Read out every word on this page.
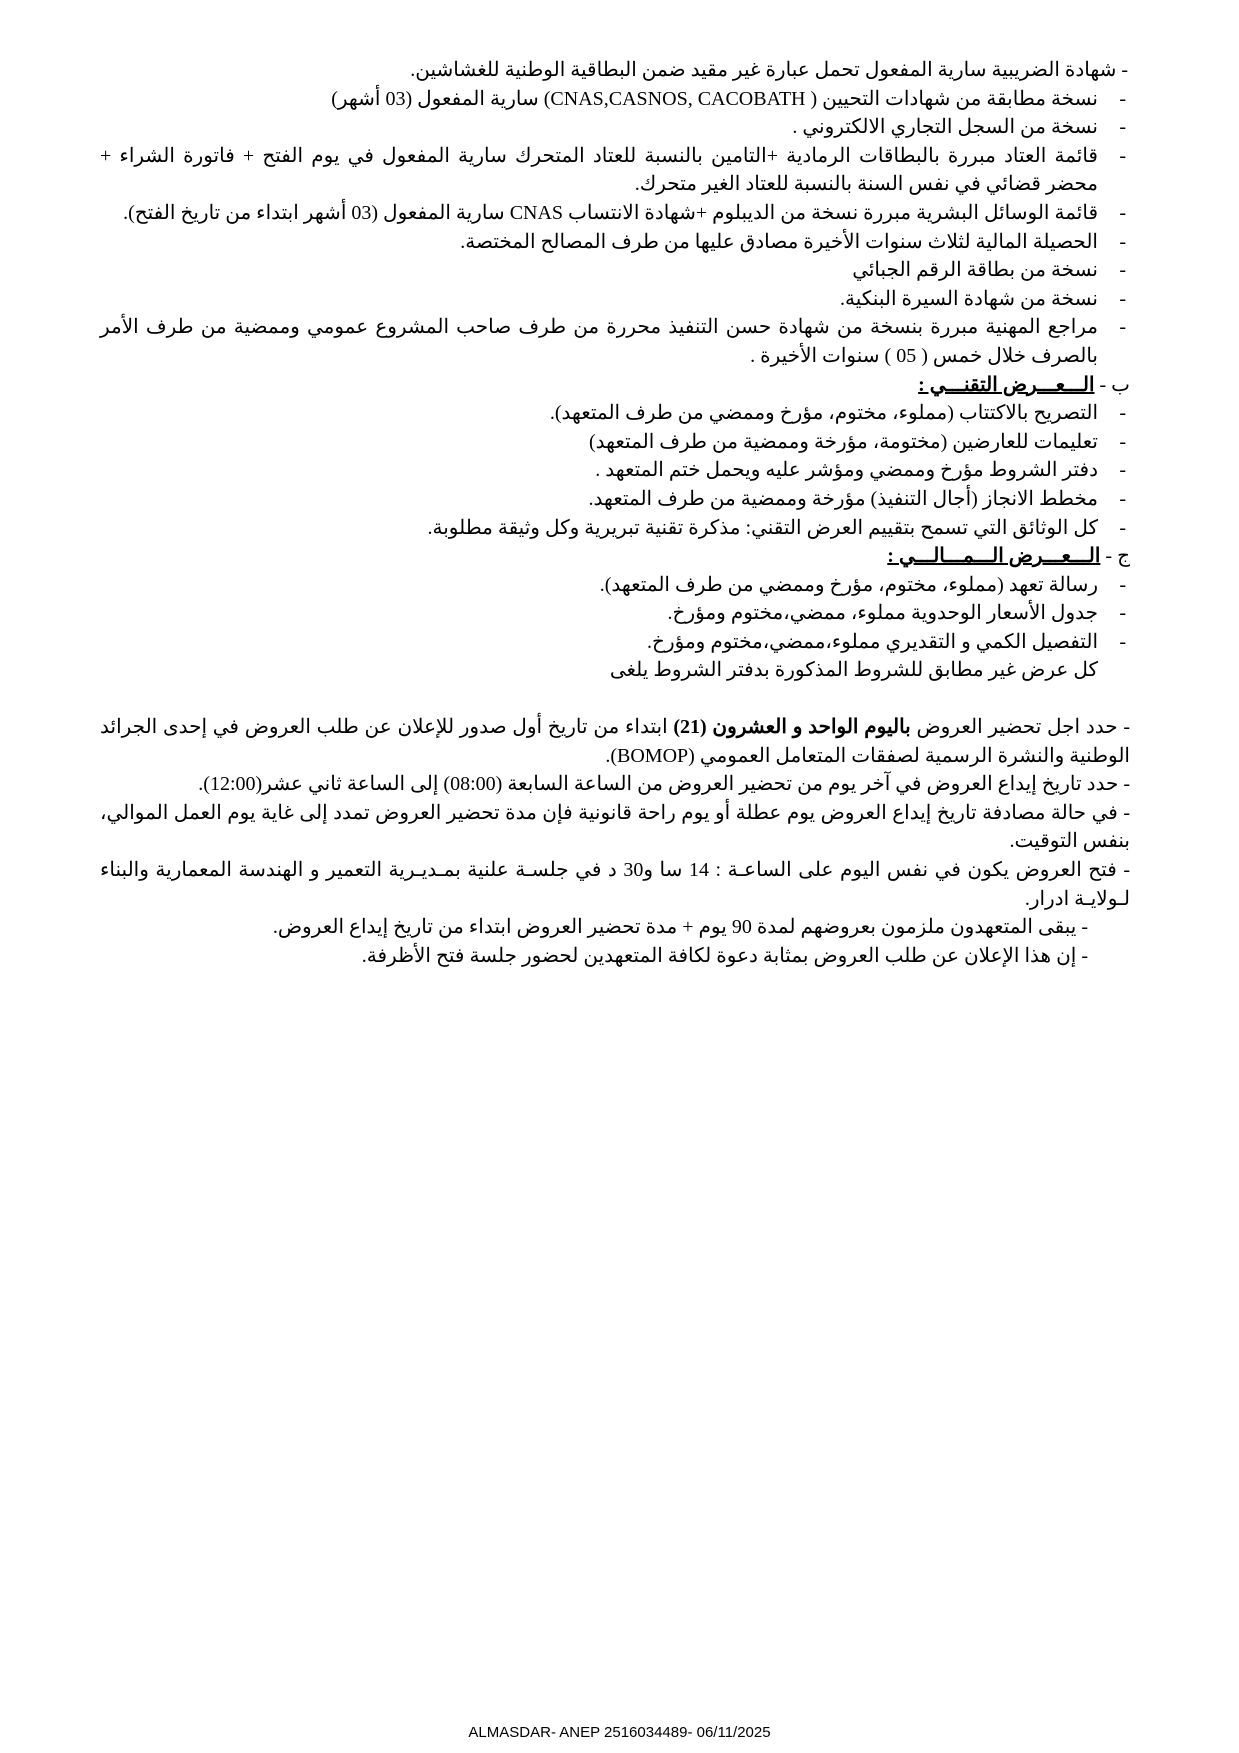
- شهادة الضريبية سارية المفعول تحمل عبارة غير مقيد ضمن البطاقية الوطنية للغشاشين.
- نسخة مطابقة من شهادات التحيين ( CNAS,CASNOS, CACOBATH) سارية المفعول (03 أشهر)
- نسخة من السجل التجاري الالكتروني .
- قائمة العتاد مبررة بالبطاقات الرمادية +التامين بالنسبة للعتاد المتحرك سارية المفعول في يوم الفتح + فاتورة الشراء + محضر قضائي في نفس السنة بالنسبة للعتاد الغير متحرك.
- قائمة الوسائل البشرية مبررة نسخة من الديبلوم +شهادة الانتساب CNAS سارية المفعول (03 أشهر ابتداء من تاريخ الفتح).
- الحصيلة المالية لثلاث سنوات الأخيرة مصادق عليها من طرف المصالح المختصة.
- نسخة من بطاقة الرقم الجبائي
- نسخة من شهادة السيرة البنكية.
- مراجع المهنية مبررة بنسخة من شهادة حسن التنفيذ محررة من طرف صاحب المشروع عمومي وممضية من طرف الأمر بالصرف خلال خمس ( 05 ) سنوات الأخيرة .
ب - الـــعـــرض التقنـــي :
- التصريح بالاكتتاب (مملوء، مختوم، مؤرخ وممضي من طرف المتعهد).
- تعليمات للعارضين (مختومة، مؤرخة وممضية من طرف المتعهد)
- دفتر الشروط مؤرخ وممضي ومؤشر عليه ويحمل ختم المتعهد .
- مخطط الانجاز (أجال التنفيذ) مؤرخة وممضية من طرف المتعهد.
- كل الوثائق التي تسمح بتقييم العرض التقني: مذكرة تقنية تبريرية وكل وثيقة مطلوبة.
ج - الـــعـــرض الـــمـــالـــي :
- رسالة تعهد (مملوء، مختوم، مؤرخ وممضي من طرف المتعهد).
- جدول الأسعار الوحدوية مملوء، ممضي،مختوم ومؤرخ.
- التفصيل الكمي و التقديري مملوء،ممضي،مختوم ومؤرخ.
كل عرض غير مطابق للشروط المذكورة بدفتر الشروط يلغى
- حدد اجل تحضير العروض باليوم الواحد و العشرون (21) ابتداء من تاريخ أول صدور للإعلان عن طلب العروض في إحدى الجرائد الوطنية والنشرة الرسمية لصفقات المتعامل العمومي (BOMOP).
- حدد تاريخ إيداع العروض في آخر يوم من تحضير العروض من الساعة السابعة (08:00) إلى الساعة ثاني عشر(12:00).
- في حالة مصادفة تاريخ إيداع العروض يوم عطلة أو يوم راحة قانونية فإن مدة تحضير العروض تمدد إلى غاية يوم العمل الموالي، بنفس التوقيت.
- فتح العروض يكون في نفس اليوم على الساعـة : 14 سا و30 د في جلسـة علنية بمـديـرية التعمير و الهندسة المعمارية والبناء لـولايـة ادرار.
- يبقى المتعهدون ملزمون بعروضهم لمدة 90 يوم + مدة تحضير العروض ابتداء من تاريخ إيداع العروض.
- إن هذا الإعلان عن طلب العروض بمثابة دعوة لكافة المتعهدين لحضور جلسة فتح الأظرفة.
ALMASDAR- ANEP 2516034489- 06/11/2025
